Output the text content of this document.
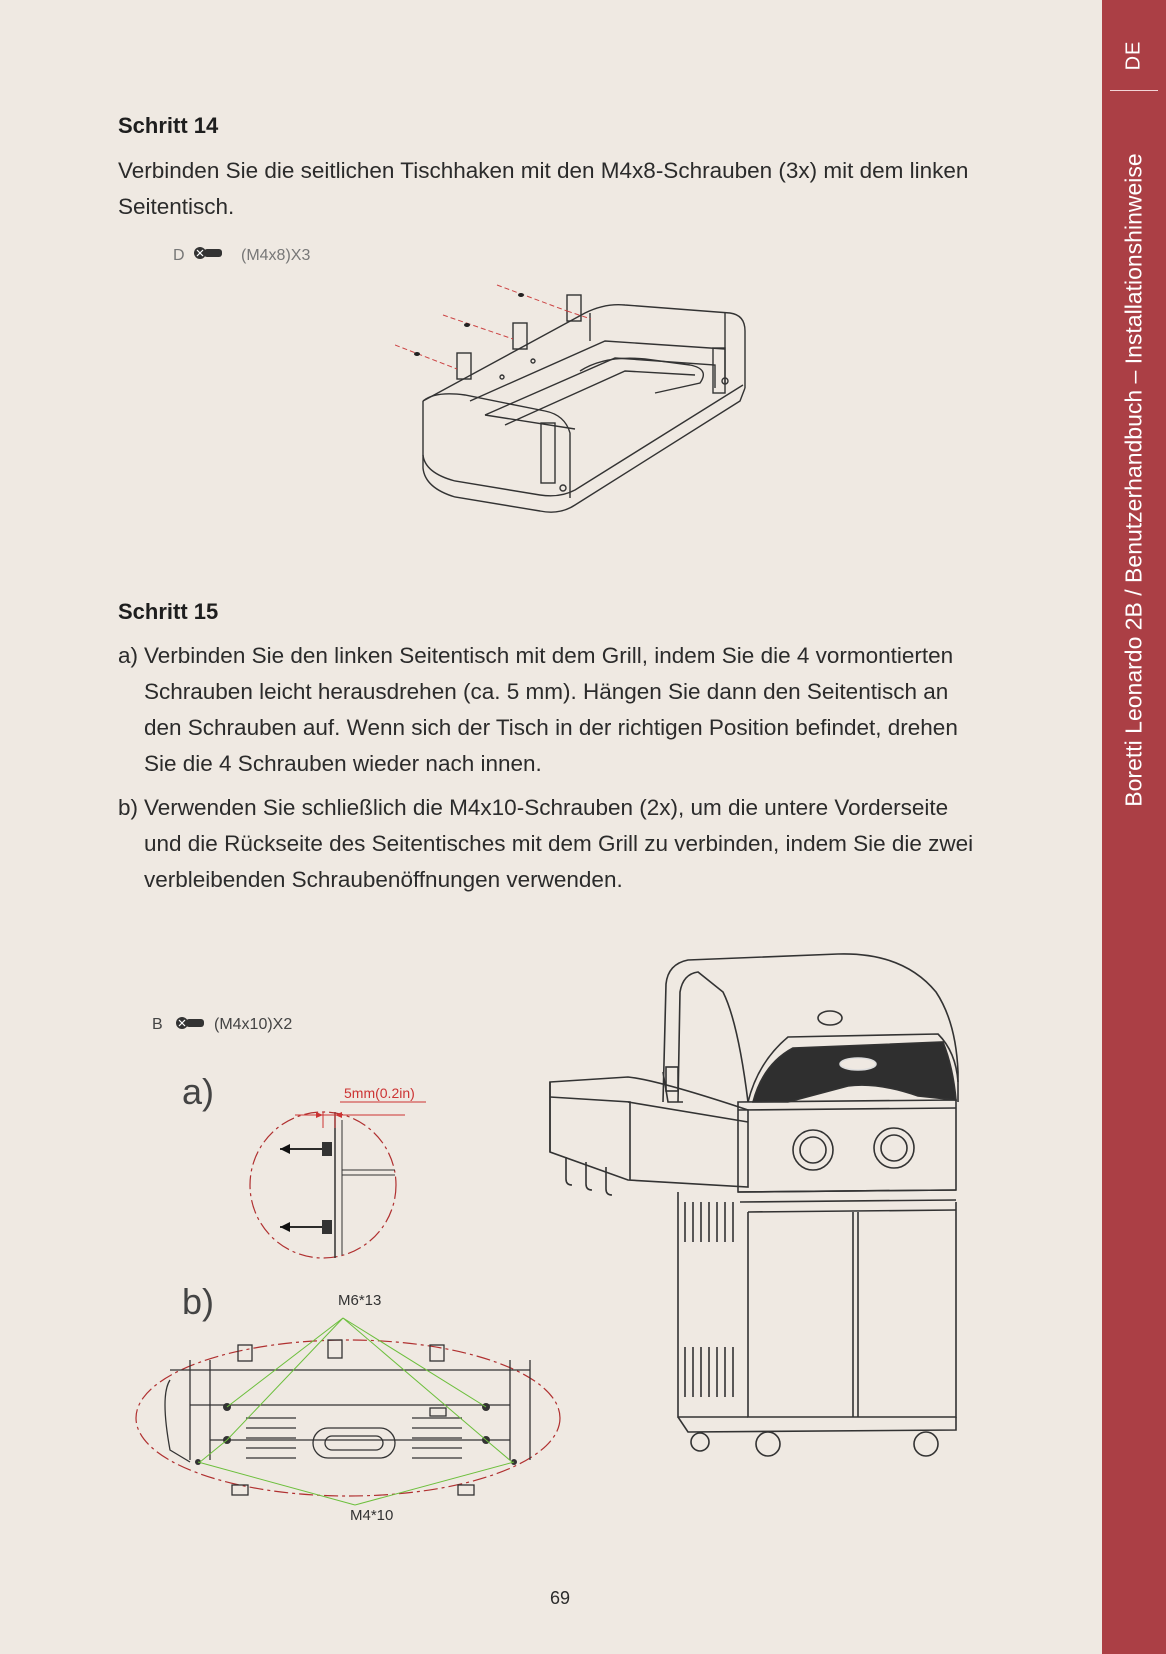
DE
Boretti Leonardo 2B / Benutzerhandbuch – Installationshinweise
Schritt 14
Verbinden Sie die seitlichen Tischhaken mit den M4x8-Schrauben (3x) mit dem linken Seitentisch.
D	(M4x8)X3
Schritt 15
a) Verbinden Sie den linken Seitentisch mit dem Grill, indem Sie die 4 vormontierten Schrauben leicht herausdrehen (ca. 5 mm). Hängen Sie dann den Seitentisch an den Schrauben auf. Wenn sich der Tisch in der richtigen Position befindet, drehen Sie die 4 Schrauben wieder nach innen.
b) Verwenden Sie schließlich die M4x10-Schrauben (2x), um die untere Vorderseite und die Rückseite des Seitentisches mit dem Grill zu verbinden, indem Sie die zwei verbleibenden Schraubenöffnungen verwenden.
B	(M4x10)X2
a)	5mm(0.2in)
b)	M6*13
M4*10
69
